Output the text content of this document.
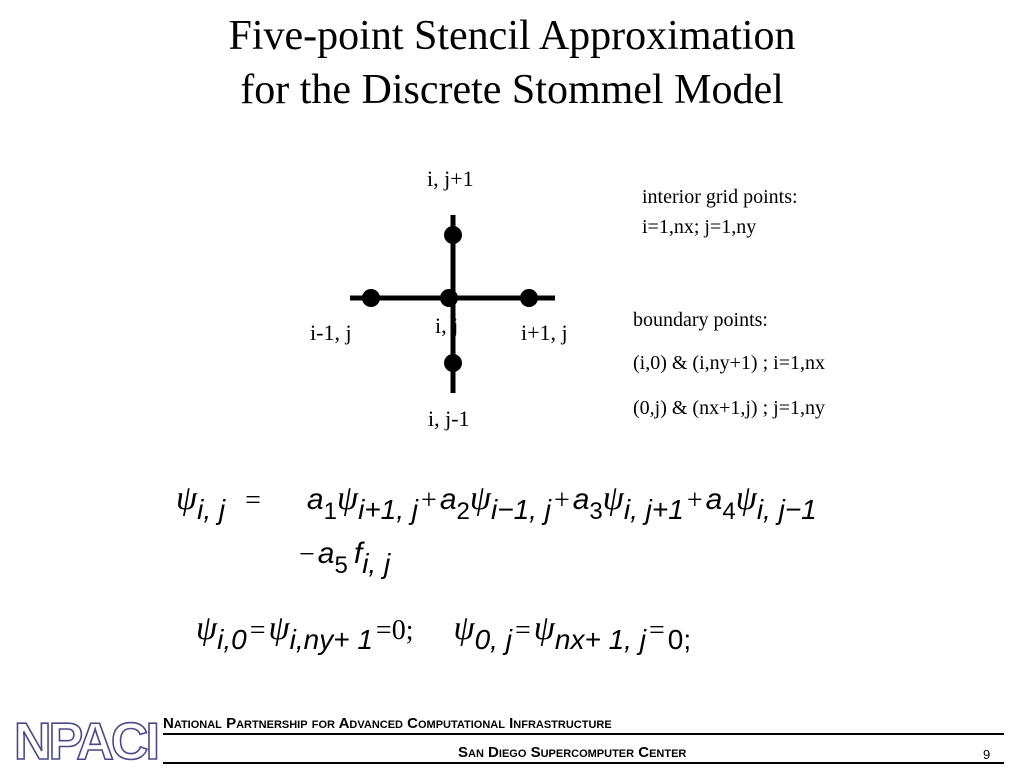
Five-point Stencil Approximation
for the Discrete Stommel Model
i, j+1
i-1, j	i, j	i+1, j
i, j-1
interior grid points:
i=1,nx; j=1,ny
boundary points:
(i,0) & (i,ny+1) ; i=1,nx
(0,j) & (nx+1,j) ; j=1,ny
ψi, j = a1ψi+1, j + a2ψi−1, j + a3ψi, j+1 + a4ψi, j−1
− a5 fi, j
ψi,0 =ψi,ny+ 1 =0; ψ0, j =ψnx+ 1, j = 0;
NPACI National Partnership for Advanced Computational Infrastructure
San Diego Supercomputer Center	9
